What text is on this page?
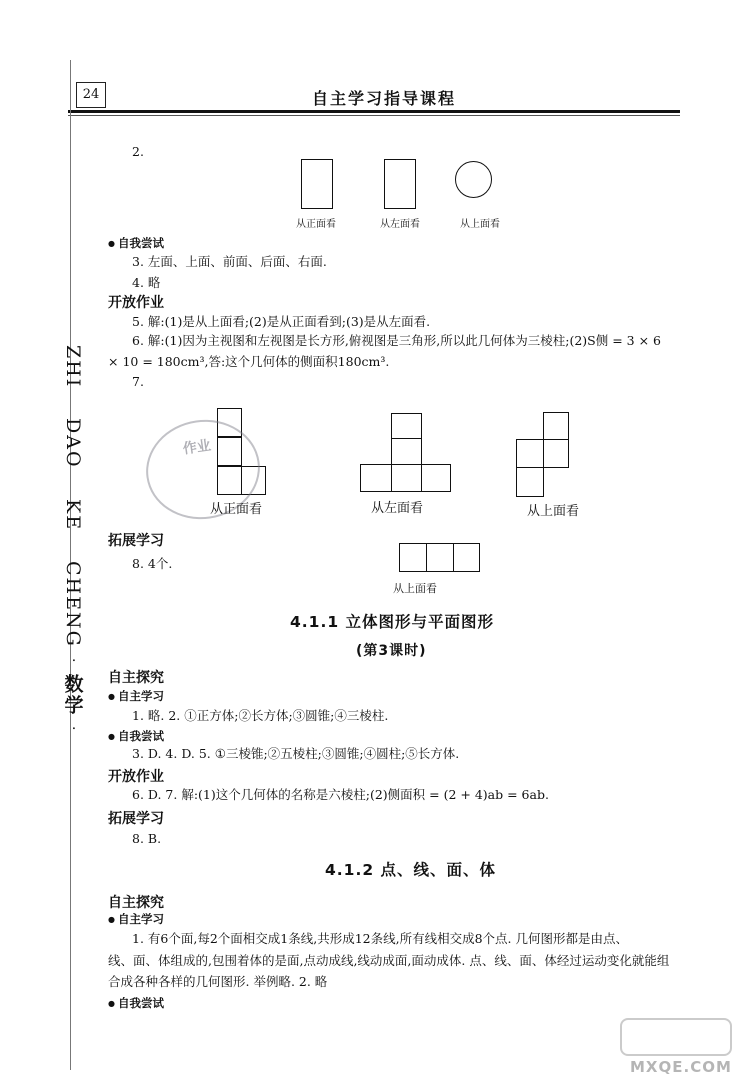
24	自主学习指导课程
ZHI
DAO
KE
CHENG
·
数学
·
2.
从正面看	从左面看	从上面看
● 自我尝试
3. 左面、上面、前面、后面、右面.
4. 略
开放作业
5. 解:(1)是从上面看;(2)是从正面看到;(3)是从左面看.
6. 解:(1)因为主视图和左视图是长方形,俯视图是三角形,所以此几何体为三棱柱;(2)S侧 = 3 × 6
× 10 = 180cm³,答:这个几何体的侧面积180cm³.
7.
作业
从正面看	从左面看	从上面看
拓展学习
8. 4个.
从上面看
4.1.1 立体图形与平面图形
(第3课时)
自主探究
● 自主学习
1. 略. 2. ①正方体;②长方体;③圆锥;④三棱柱.
● 自我尝试
3. D. 4. D. 5. ①三棱锥;②五棱柱;③圆锥;④圆柱;⑤长方体.
开放作业
6. D. 7. 解:(1)这个几何体的名称是六棱柱;(2)侧面积 = (2 + 4)ab = 6ab.
拓展学习
8. B.
4.1.2 点、线、面、体
自主探究
● 自主学习
1. 有6个面,每2个面相交成1条线,共形成12条线,所有线相交成8个点. 几何图形都是由点、
线、面、体组成的,包围着体的是面,点动成线,线动成面,面动成体. 点、线、面、体经过运动变化就能组
合成各种各样的几何图形. 举例略. 2. 略
● 自我尝试
MXQE.COM
